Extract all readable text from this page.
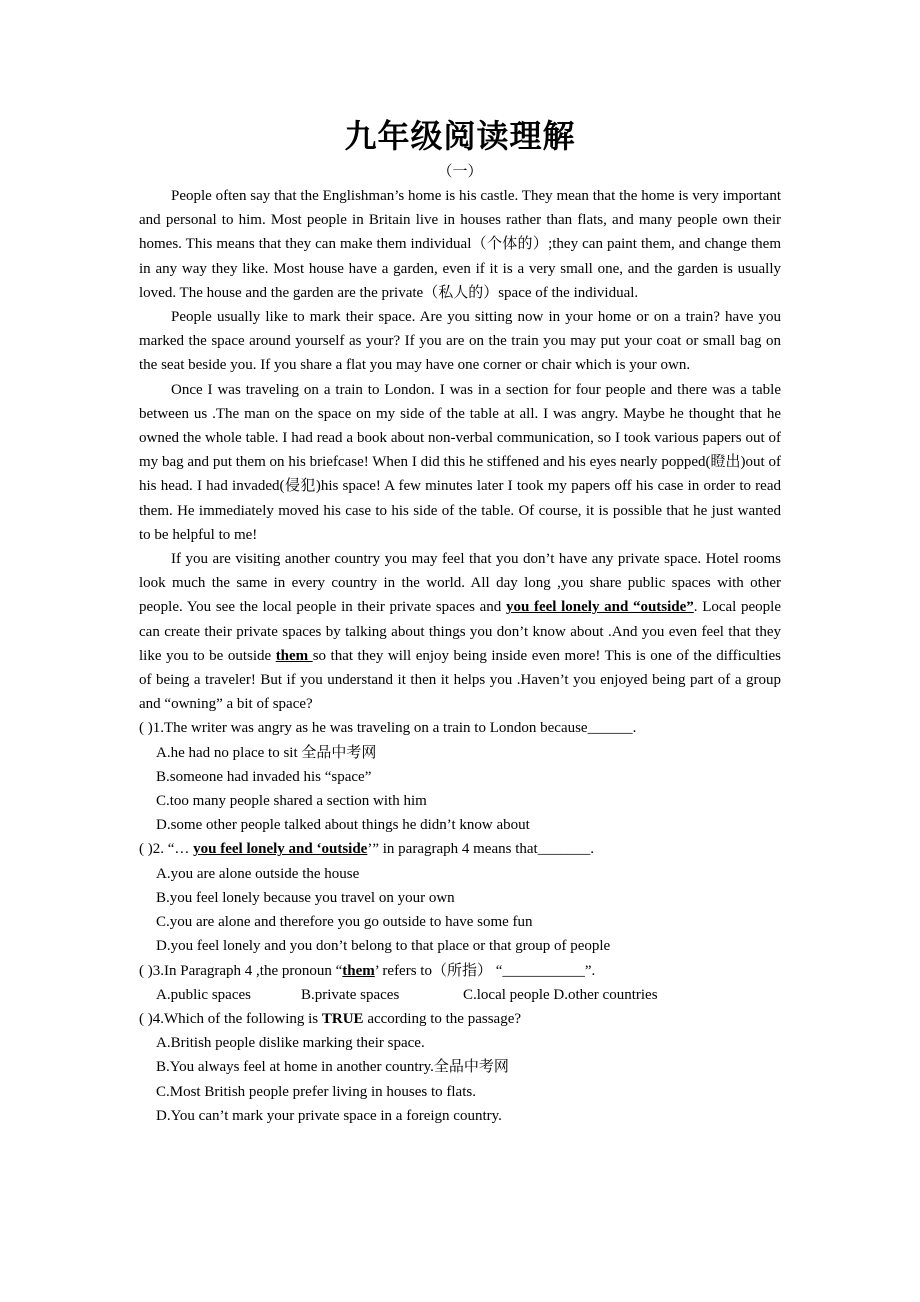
九年级阅读理解

（一）

People often say that the Englishman’s home is his castle. They mean that the home is very important and personal to him. Most people in Britain live in houses rather than flats, and many people own their homes. This means that they can make them individual（个体的）;they can paint them, and change them in any way they like. Most house have a garden, even if it is a very small one, and the garden is usually loved. The house and the garden are the private（私人的）space of the individual.

People usually like to mark their space. Are you sitting now in your home or on a train? have you marked the space around yourself as your? If you are on the train you may put your coat or small bag on the seat beside you. If you share a flat you may have one corner or chair which is your own.

Once I was traveling on a train to London. I was in a section for four people and there was a table between us .The man on the space on my side of the table at all. I was angry. Maybe he thought that he owned the whole table. I had read a book about non-verbal communication, so I took various papers out of my bag and put them on his briefcase! When I did this he stiffened and his eyes nearly popped(瞪出)out of his head. I had invaded(侵犯)his space! A few minutes later I took my papers off his case in order to read them. He immediately moved his case to his side of the table. Of course, it is possible that he just wanted to be helpful to me!

If you are visiting another country you may feel that you don’t have any private space. Hotel rooms look much the same in every country in the world. All day long ,you share public spaces with other people. You see the local people in their private spaces and you feel lonely and “outside”. Local people can create their private spaces by talking about things you don’t know about .And you even feel that they like you to be outside them so that they will enjoy being inside even more! This is one of the difficulties of being a traveler! But if you understand it then it helps you .Haven’t you enjoyed being part of a group and “owning” a bit of space?

( )1.The writer was angry as he was traveling on a train to London because______.

A.he had no place to sit 全品中考网

B.someone had invaded his “space”

C.too many people shared a section with him

D.some other people talked about things he didn’t know about

( )2. “… you feel lonely and ‘outside’” in paragraph 4 means that_______.

A.you are alone outside the house

B.you feel lonely because you travel on your own

C.you are alone and therefore you go outside to have some fun

D.you feel lonely and you don’t belong to that place or that group of people

( )3.In Paragraph 4 ,the pronoun “them’ refers to（所指） “___________”.

A.public spaces	B.private spaces	C.local people D.other countries

( )4.Which of the following is TRUE according to the passage?

A.British people dislike marking their space.

B.You always feel at home in another country.全品中考网

C.Most British people prefer living in houses to flats.

D.You can’t mark your private space in a foreign country.
